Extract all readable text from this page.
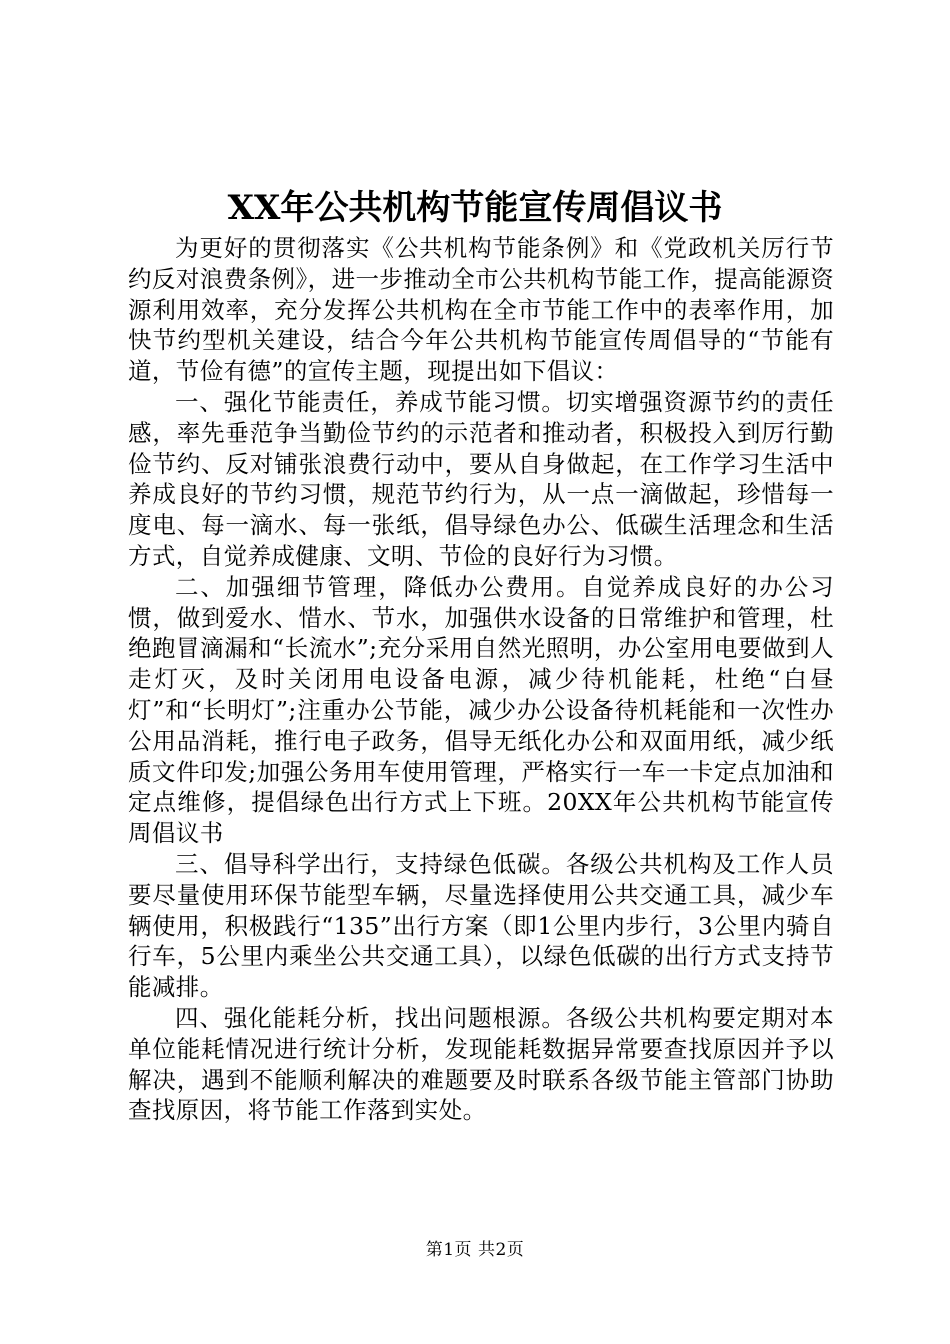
XX年公共机构节能宣传周倡议书

为更好的贯彻落实《公共机构节能条例》和《党政机关厉行节约反对浪费条例》，进一步推动全市公共机构节能工作，提高能源资源利用效率，充分发挥公共机构在全市节能工作中的表率作用，加快节约型机关建设，结合今年公共机构节能宣传周倡导的“节能有道，节俭有德”的宣传主题，现提出如下倡议：

一、强化节能责任，养成节能习惯。切实增强资源节约的责任感，率先垂范争当勤俭节约的示范者和推动者，积极投入到厉行勤俭节约、反对铺张浪费行动中，要从自身做起，在工作学习生活中养成良好的节约习惯，规范节约行为，从一点一滴做起，珍惜每一度电、每一滴水、每一张纸，倡导绿色办公、低碳生活理念和生活方式，自觉养成健康、文明、节俭的良好行为习惯。

二、加强细节管理，降低办公费用。自觉养成良好的办公习惯，做到爱水、惜水、节水，加强供水设备的日常维护和管理，杜绝跑冒滴漏和“长流水”;充分采用自然光照明，办公室用电要做到人走灯灭，及时关闭用电设备电源，减少待机能耗，杜绝“白昼灯”和“长明灯”;注重办公节能，减少办公设备待机耗能和一次性办公用品消耗，推行电子政务，倡导无纸化办公和双面用纸，减少纸质文件印发;加强公务用车使用管理，严格实行一车一卡定点加油和定点维修，提倡绿色出行方式上下班。20XX年公共机构节能宣传周倡议书

三、倡导科学出行，支持绿色低碳。各级公共机构及工作人员要尽量使用环保节能型车辆，尽量选择使用公共交通工具，减少车辆使用，积极践行“135”出行方案（即1公里内步行，3公里内骑自行车，5公里内乘坐公共交通工具），以绿色低碳的出行方式支持节能减排。

四、强化能耗分析，找出问题根源。各级公共机构要定期对本单位能耗情况进行统计分析，发现能耗数据异常要查找原因并予以解决，遇到不能顺利解决的难题要及时联系各级节能主管部门协助查找原因，将节能工作落到实处。

第1页 共2页
